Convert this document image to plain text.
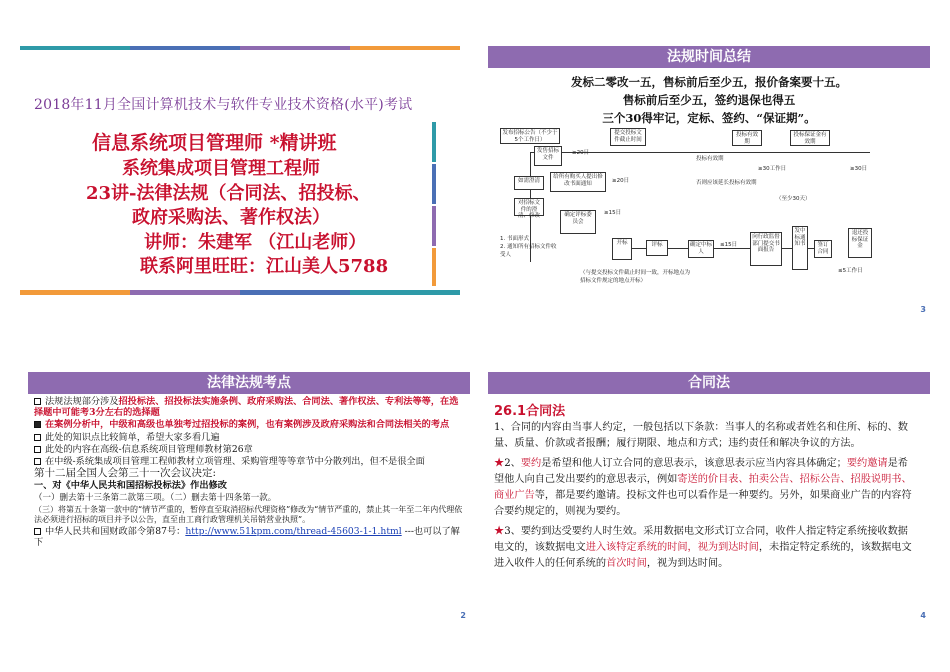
2018年11月全国计算机技术与软件专业技术资格(水平)考试
信息系统项目管理师 *精讲班
系统集成项目管理工程师
23讲-法律法规（合同法、招投标、
政府采购法、著作权法）
讲师：朱建军 （江山老师）
联系阿里旺旺：江山美人5788
法规时间总结
发标二零改一五，售标前后至少五，报价备案要十五。
售标前后至少五，签约退保也得五
三个30得牢记，定标、签约、“保证期”。
发布招标公告（不少于5个工作日）
发售招标文件
提交投标文件截止时间
投标有效期
投标保证金有效期
≥20日
投标有效期
≥30工作日	≥30日
如需澄清
给所有购买人提出修改书面通知	≥20日	否则应该延长投标有效期
（至少30天）
对招标文件的澄清、修改	确定评标委员会
≥15日
1. 书面形式
2. 通知所有招标文件收受人
开标	评标	确定中标人
≤15日
向行政监督部门提交书面报告
发中标通知书	签订合同
退还投标保证金
≤5工作日
（与提交投标文件截止时间一致，开标地点为招标文件规定的地点开标）
3
法律法规考点

法规法规部分涉及招投标法、招投标法实施条例、政府采购法、合同法、著作权法、专利法等等，在选择题中可能考3分左右的选择题

在案例分析中，中级和高级也单独考过招投标的案例，也有案例涉及政府采购法和合同法相关的考点

此处的知识点比较简单，希望大家多看几遍

此处的内容在高级-信息系统项目管理师教材第26章

在中级-系统集成项目管理工程师教材立项管理、采购管理等等章节中分散列出，但不是很全面

第十二届全国人会第三十一次会议决定:

一、对《中华人民共和国招标投标法》作出修改

（一）删去第十三条第二款第三项。（二）删去第十四条第一款。

（三）将第五十条第一款中的“情节严重的，暂停直至取消招标代理资格”修改为“情节严重的，禁止其一年至二年内代理依法必须进行招标的项目并予以公告，直至由工商行政管理机关吊销营业执照”。

中华人民共和国财政部令第87号：http://www.51kpm.com/thread-45603-1-1.html ---也可以了解下

2
合同法
26.1合同法

1、合同的内容由当事人约定，一般包括以下条款：当事人的名称或者姓名和住所、标的、数量、质量、价款或者报酬；履行期限、地点和方式；违约责任和解决争议的方法。

★2、要约是希望和他人订立合同的意思表示，该意思表示应当内容具体确定；要约邀请是希望他人向自己发出要约的意思表示，例如寄送的价目表、拍卖公告、招标公告、招股说明书、商业广告等，都是要约邀请。投标文件也可以看作是一种要约。另外，如果商业广告的内容符合要约规定的，则视为要约。

★3、要约到达受要约人时生效。采用数据电文形式订立合同，收件人指定特定系统接收数据电文的，该数据电文进入该特定系统的时间，视为到达时间，未指定特定系统的，该数据电文进入收件人的任何系统的首次时间，视为到达时间。

4
